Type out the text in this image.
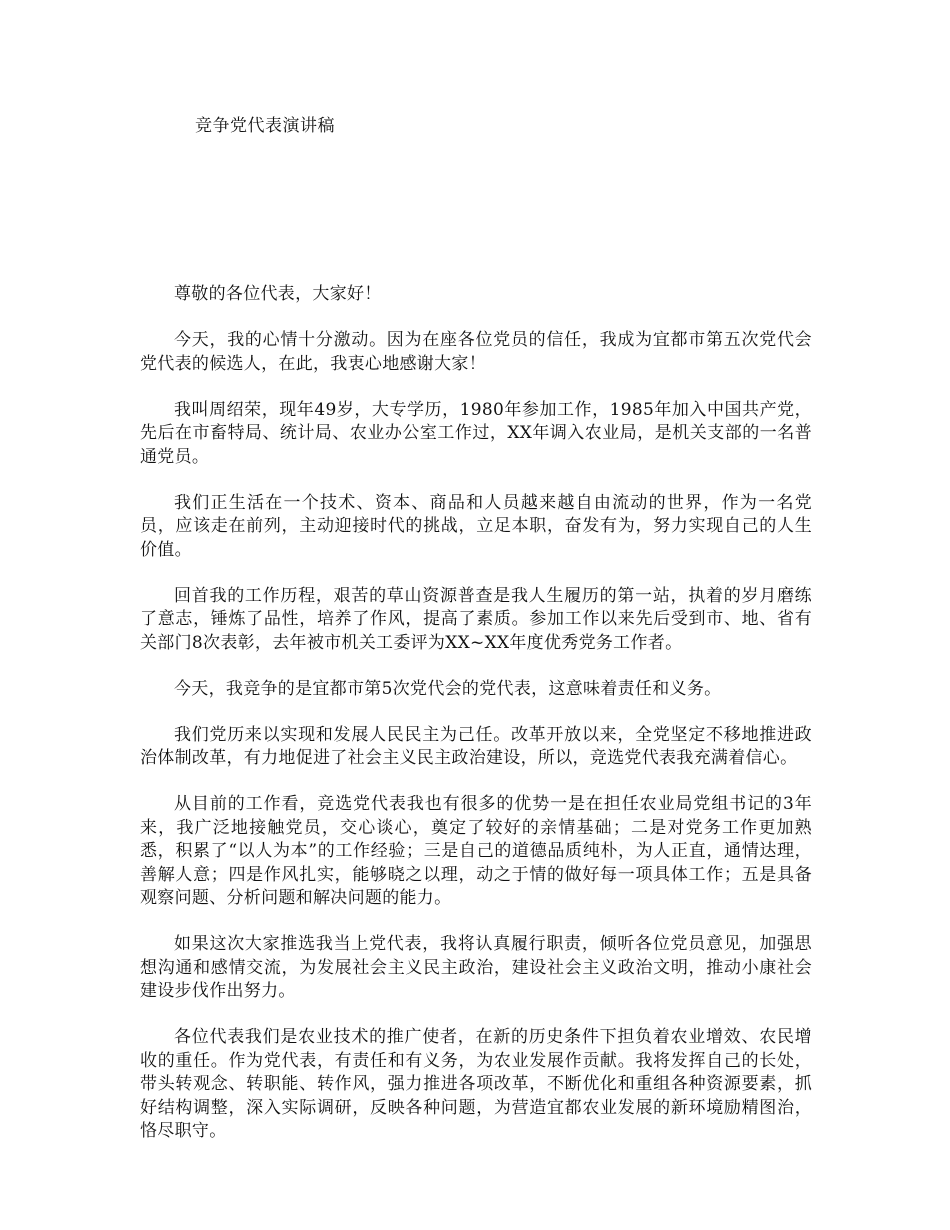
竞争党代表演讲稿

尊敬的各位代表，大家好！

今天，我的心情十分激动。因为在座各位党员的信任，我成为宜都市第五次党代会党代表的候选人，在此，我衷心地感谢大家！

我叫周绍荣，现年49岁，大专学历，1980年参加工作，1985年加入中国共产党，先后在市畜特局、统计局、农业办公室工作过，XX年调入农业局，是机关支部的一名普通党员。

我们正生活在一个技术、资本、商品和人员越来越自由流动的世界，作为一名党员，应该走在前列，主动迎接时代的挑战，立足本职，奋发有为，努力实现自己的人生价值。

回首我的工作历程，艰苦的草山资源普查是我人生履历的第一站，执着的岁月磨练了意志，锤炼了品性，培养了作风，提高了素质。参加工作以来先后受到市、地、省有关部门8次表彰，去年被市机关工委评为XX~XX年度优秀党务工作者。

今天，我竞争的是宜都市第5次党代会的党代表，这意味着责任和义务。

我们党历来以实现和发展人民民主为己任。改革开放以来，全党坚定不移地推进政治体制改革，有力地促进了社会主义民主政治建设，所以，竞选党代表我充满着信心。

从目前的工作看，竞选党代表我也有很多的优势一是在担任农业局党组书记的3年来，我广泛地接触党员，交心谈心，奠定了较好的亲情基础；二是对党务工作更加熟悉，积累了“以人为本”的工作经验；三是自己的道德品质纯朴，为人正直，通情达理，善解人意；四是作风扎实，能够晓之以理，动之于情的做好每一项具体工作；五是具备观察问题、分析问题和解决问题的能力。

如果这次大家推选我当上党代表，我将认真履行职责，倾听各位党员意见，加强思想沟通和感情交流，为发展社会主义民主政治，建设社会主义政治文明，推动小康社会建设步伐作出努力。

各位代表我们是农业技术的推广使者，在新的历史条件下担负着农业增效、农民增收的重任。作为党代表，有责任和有义务，为农业发展作贡献。我将发挥自己的长处，带头转观念、转职能、转作风，强力推进各项改革，不断优化和重组各种资源要素，抓好结构调整，深入实际调研，反映各种问题，为营造宜都农业发展的新环境励精图治，恪尽职守。
